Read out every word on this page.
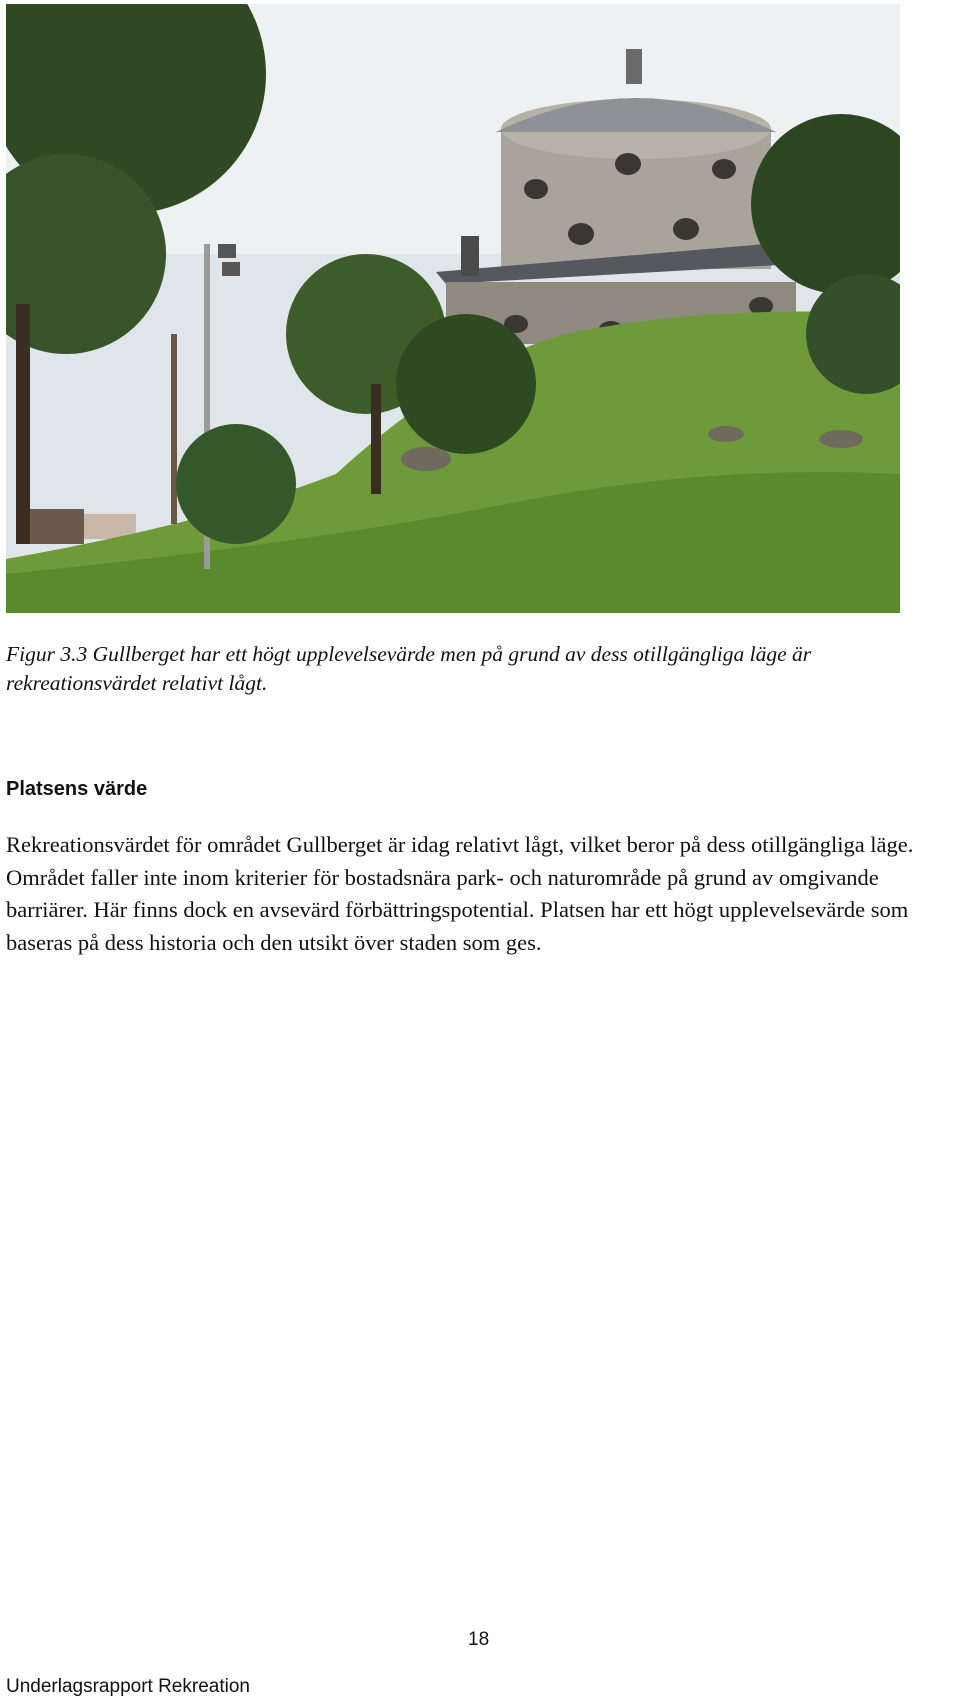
Figur 3.3 Gullberget har ett högt upplevelsevärde men på grund av dess otillgängliga läge är rekreationsvärdet relativt lågt.
Platsens värde
Rekreationsvärdet för området Gullberget är idag relativt lågt, vilket beror på dess otillgängliga läge. Området faller inte inom kriterier för bostadsnära park- och naturområde på grund av omgivande barriärer. Här finns dock en avsevärd förbättringspotential. Platsen har ett högt upplevelsevärde som baseras på dess historia och den utsikt över staden som ges.
18
Underlagsrapport Rekreation
